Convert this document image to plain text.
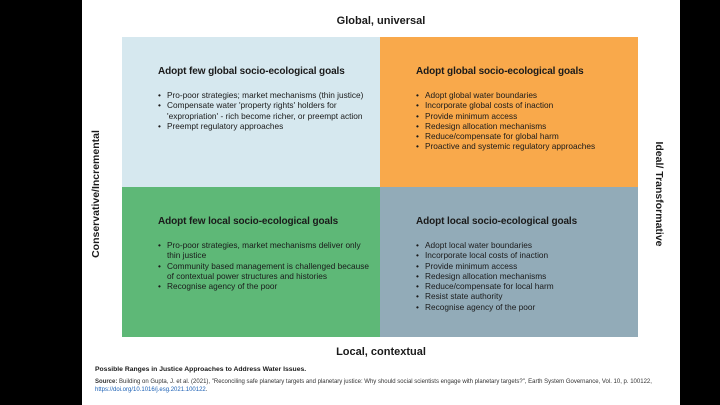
Global, universal
Conservative/Incremental	Ideal/ Transformative
Adopt few global socio-ecological goals
• Pro-poor strategies; market mechanisms (thin justice)
• Compensate water 'property rights' holders for 'expropriation' - rich become richer, or preempt action
• Preempt regulatory approaches
Adopt global socio-ecological goals
• Adopt global water boundaries
• Incorporate global costs of inaction
• Provide minimum access
• Redesign allocation mechanisms
• Reduce/compensate for global harm
• Proactive and systemic regulatory approaches
Adopt few local socio-ecological goals
• Pro-poor strategies, market mechanisms deliver only thin justice
• Community based management is challenged because of contextual power structures and histories
• Recognise agency of the poor
Adopt local socio-ecological goals
• Adopt local water boundaries
• Incorporate local costs of inaction
• Provide minimum access
• Redesign allocation mechanisms
• Reduce/compensate for local harm
• Resist state authority
• Recognise agency of the poor
Local, contextual
Possible Ranges in Justice Approaches to Address Water Issues.
Source: Building on Gupta, J. et al. (2021), "Reconciling safe planetary targets and planetary justice: Why should social scientists engage with planetary targets?", Earth System Governance, Vol. 10, p. 100122, https://doi.org/10.1016/j.esg.2021.100122.
